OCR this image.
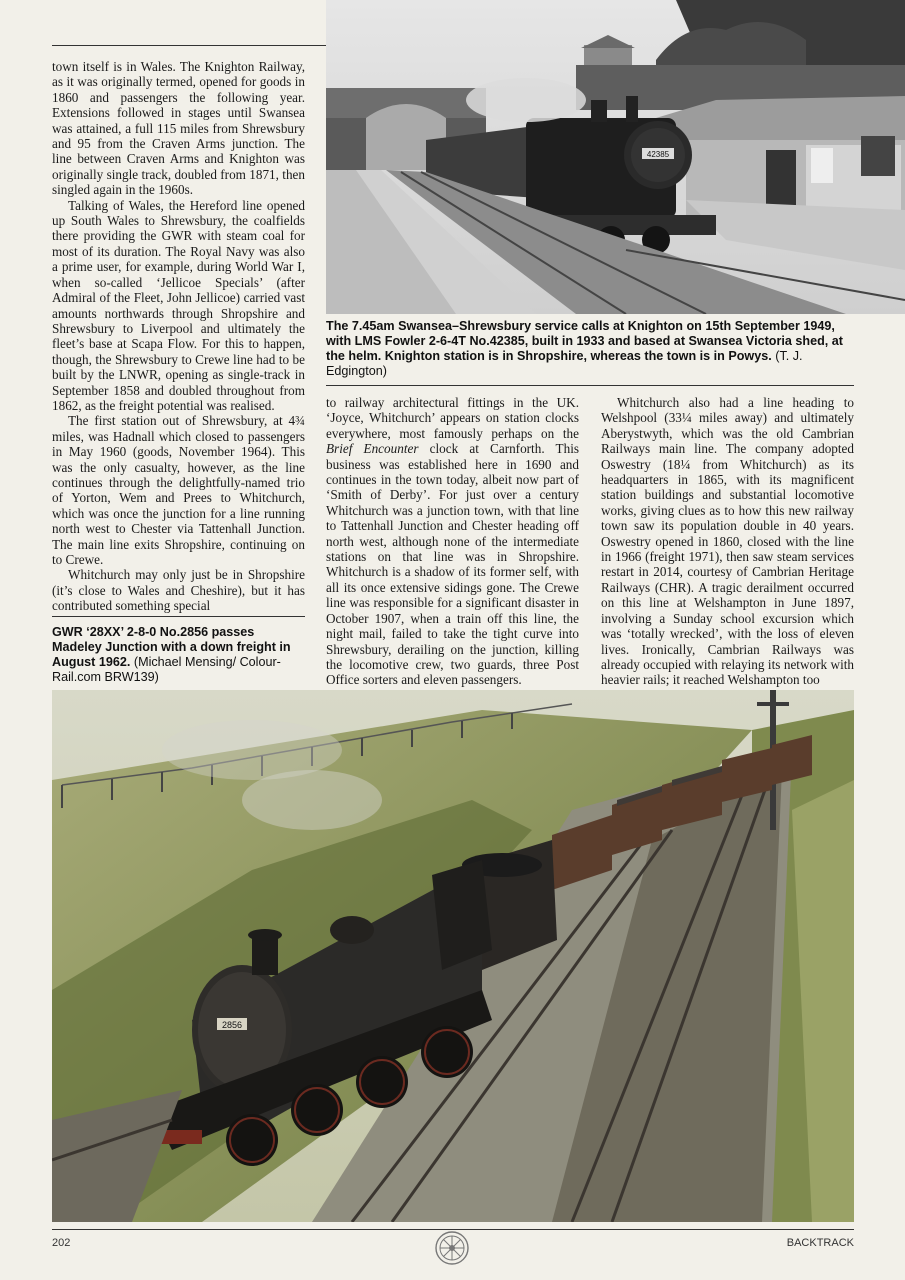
town itself is in Wales. The Knighton Railway, as it was originally termed, opened for goods in 1860 and passengers the following year. Extensions followed in stages until Swansea was attained, a full 115 miles from Shrewsbury and 95 from the Craven Arms junction. The line between Craven Arms and Knighton was originally single track, doubled from 1871, then singled again in the 1960s.

Talking of Wales, the Hereford line opened up South Wales to Shrewsbury, the coalfields there providing the GWR with steam coal for most of its duration. The Royal Navy was also a prime user, for example, during World War I, when so-called ‘Jellicoe Specials’ (after Admiral of the Fleet, John Jellicoe) carried vast amounts northwards through Shropshire and Shrewsbury to Liverpool and ultimately the fleet’s base at Scapa Flow. For this to happen, though, the Shrewsbury to Crewe line had to be built by the LNWR, opening as single-track in September 1858 and doubled throughout from 1862, as the freight potential was realised.

The first station out of Shrewsbury, at 4¾ miles, was Hadnall which closed to passengers in May 1960 (goods, November 1964). This was the only casualty, however, as the line continues through the delightfully-named trio of Yorton, Wem and Prees to Whitchurch, which was once the junction for a line running north west to Chester via Tattenhall Junction. The main line exits Shropshire, continuing on to Crewe.

Whitchurch may only just be in Shropshire (it’s close to Wales and Cheshire), but it has contributed something special

to railway architectural fittings in the UK. ‘Joyce, Whitchurch’ appears on station clocks everywhere, most famously perhaps on the Brief Encounter clock at Carnforth. This business was established here in 1690 and continues in the town today, albeit now part of ‘Smith of Derby’. For just over a century Whitchurch was a junction town, with that line to Tattenhall Junction and Chester heading off north west, although none of the intermediate stations on that line was in Shropshire. Whitchurch is a shadow of its former self, with all its once extensive sidings gone. The Crewe line was responsible for a significant disaster in October 1907, when a train off this line, the night mail, failed to take the tight curve into Shrewsbury, derailing on the junction, killing the locomotive crew, two guards, three Post Office sorters and eleven passengers.

Whitchurch also had a line heading to Welshpool (33¼ miles away) and ultimately Aberystwyth, which was the old Cambrian Railways main line. The company adopted Oswestry (18¼ from Whitchurch) as its headquarters in 1865, with its magnificent station buildings and substantial locomotive works, giving clues as to how this new railway town saw its population double in 40 years. Oswestry opened in 1860, closed with the line in 1966 (freight 1971), then saw steam services restart in 2014, courtesy of Cambrian Heritage Railways (CHR). A tragic derailment occurred on this line at Welshampton in June 1897, involving a Sunday school excursion which was ‘totally wrecked’, with the loss of eleven lives. Ironically, Cambrian Railways was already occupied with relaying its network with heavier rails; it reached Welshampton too

The 7.45am Swansea–Shrewsbury service calls at Knighton on 15th September 1949, with LMS Fowler 2-6-4T No.42385, built in 1933 and based at Swansea Victoria shed, at the helm. Knighton station is in Shropshire, whereas the town is in Powys. (T. J. Edgington)
GWR ‘28XX’ 2-8-0 No.2856 passes Madeley Junction with a down freight in August 1962. (Michael Mensing/ Colour-Rail.com BRW139)
42385
2856
202	BACKTRACK
